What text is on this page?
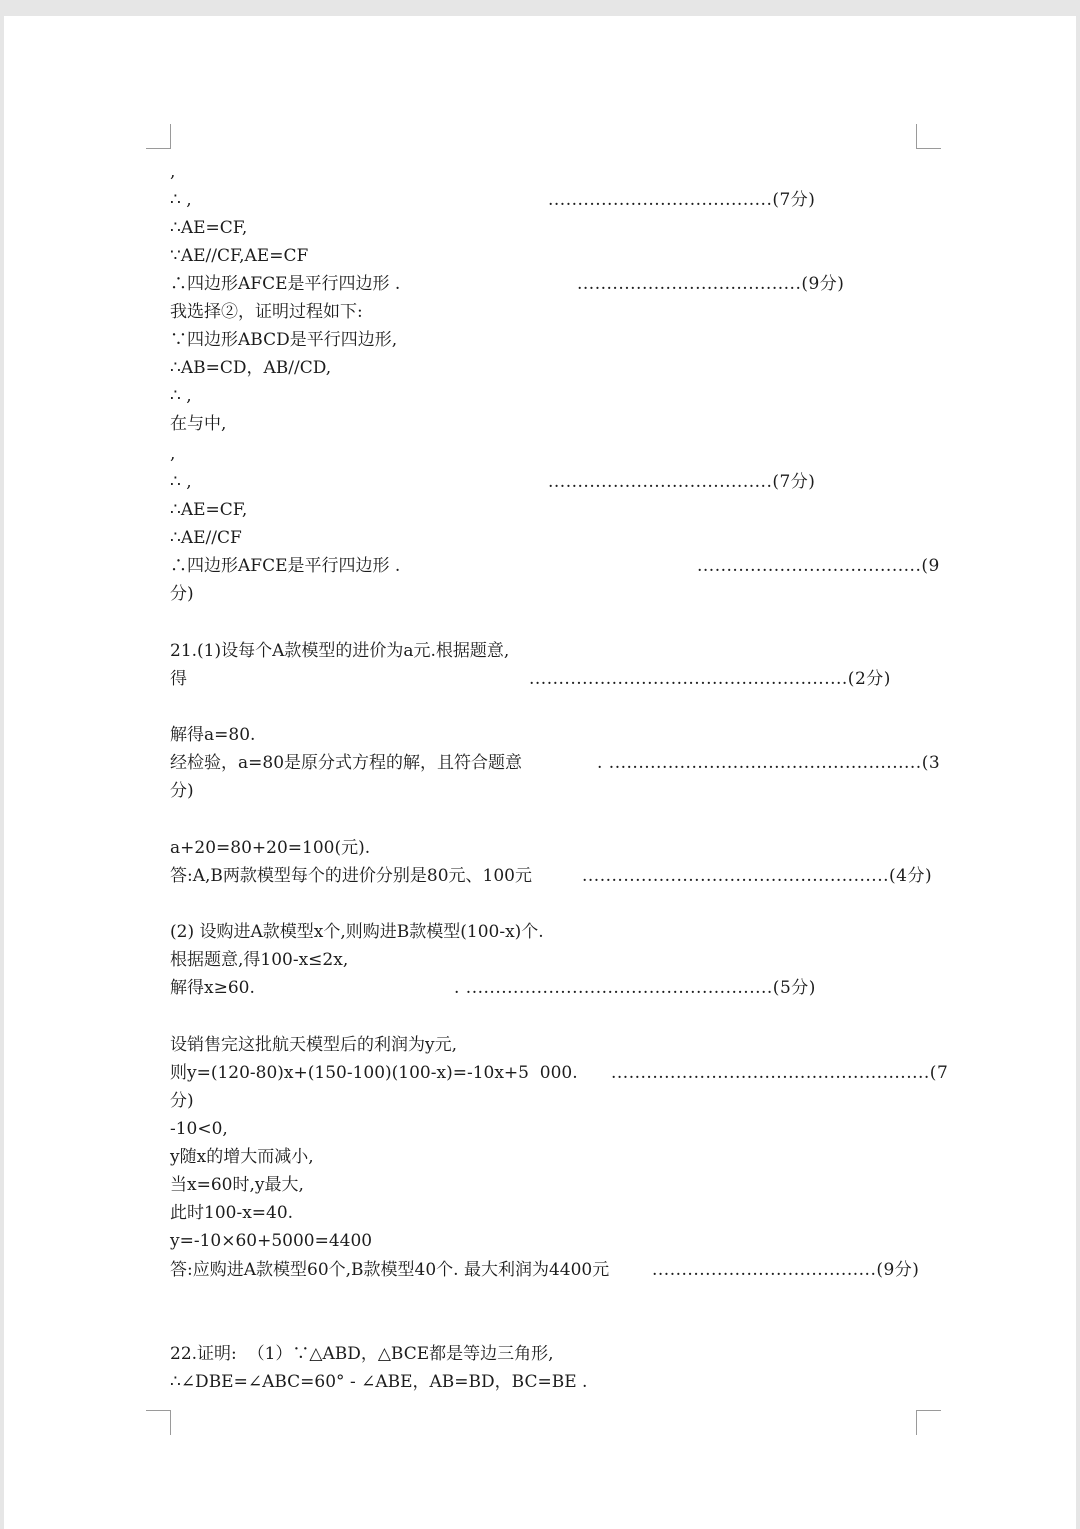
,
∴ ,	......................................(7分)
∴AE=CF,
∵AE//CF,AE=CF
∴四边形AFCE是平行四边形 .	......................................(9分)
我选择②，证明过程如下:
∵四边形ABCD是平行四边形,
∴AB=CD，AB//CD,
∴ ,
在与中,
,
∴ ,	......................................(7分)
∴AE=CF,
∴AE//CF
∴四边形AFCE是平行四边形 .	......................................(9
分)
21.(1)设每个A款模型的进价为a元.根据题意,
得	......................................................(2分)
解得a=80.
经检验，a=80是原分式方程的解，且符合题意	. .....................................................(3
分)
a+20=80+20=100(元).
答:A,B两款模型每个的进价分别是80元、100元	....................................................(4分)
(2) 设购进A款模型x个,则购进B款模型(100-x)个.
根据题意,得100-x≤2x,
解得x≥60.	. ....................................................(5分)
设销售完这批航天模型后的利润为y元,
则y=(120-80)x+(150-100)(100-x)=-10x+5  000. ......................................................(7
分)
-10<0,
y随x的增大而减小,
当x=60时,y最大,
此时100-x=40.
y=-10×60+5000=4400
答:应购进A款模型60个,B款模型40个. 最大利润为4400元	......................................(9分)
22.证明:  （1）∵△ABD，△BCE都是等边三角形,
∴∠DBE=∠ABC=60° - ∠ABE，AB=BD，BC=BE .
